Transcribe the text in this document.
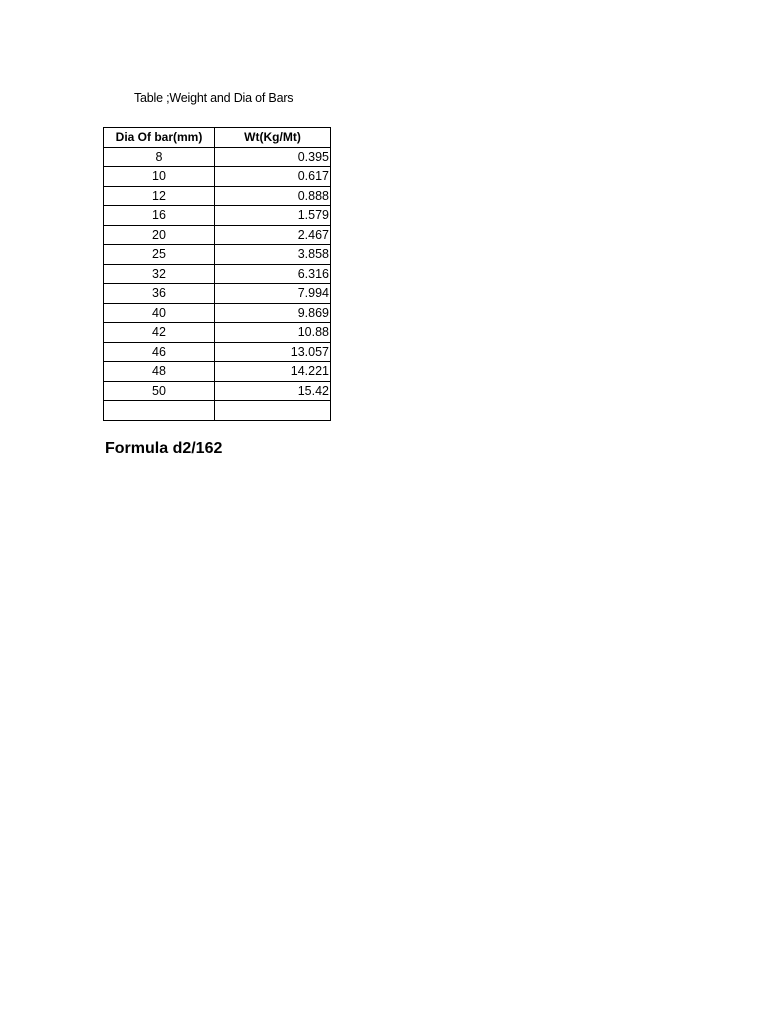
Table ;Weight and Dia of Bars
Dia Of bar(mm)	Wt(Kg/Mt)
8	0.395
10	0.617
12	0.888
16	1.579
20	2.467
25	3.858
32	6.316
36	7.994
40	9.869
42	10.88
46	13.057
48	14.221
50	15.42

Formula d2/162
